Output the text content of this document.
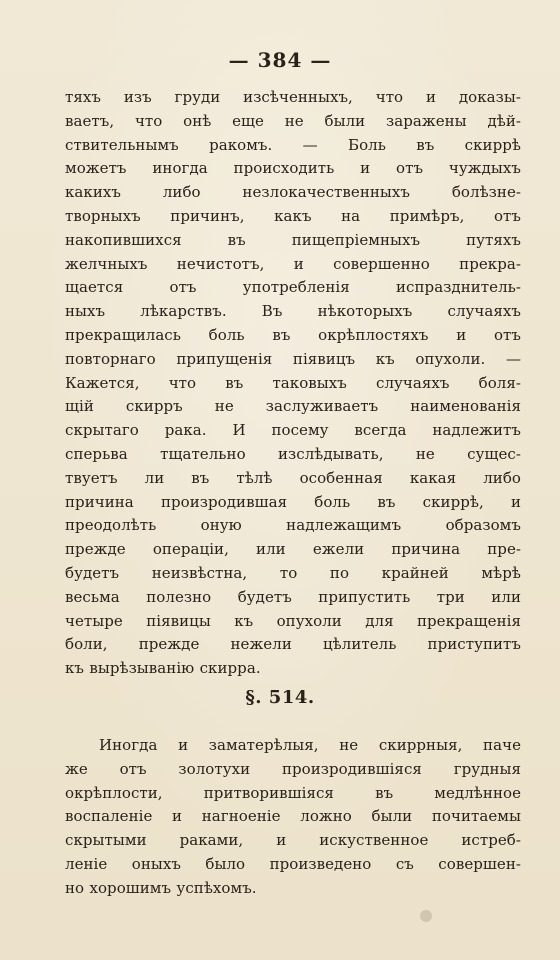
— 384 —
тяхъ изъ груди изсѣченныхъ, что и доказы-
ваетъ, что онѣ еще не были заражены дѣй-
ствительнымъ ракомъ. — Боль въ скиррѣ
можетъ иногда происходить и отъ чуждыхъ
какихъ либо незлокачественныхъ болѣзне-
творныхъ причинъ, какъ на примѣръ, отъ
накопившихся въ пищепріемныхъ путяхъ
желчныхъ нечистотъ, и совершенно прекра-
щается отъ употребленія испразднитель-
ныхъ лѣкарствъ. Въ нѣкоторыхъ случаяхъ
прекращилась боль въ окрѣплостяхъ и отъ
повторнагo припущенія піявицъ къ опухоли. —
Кажется, что въ таковыхъ случаяхъ боля-
щій скирръ не заслуживаетъ наименованія
скрытаго рака. И посему всегда надлежитъ
сперьва тщательно изслѣдывать, не сущес-
твуетъ ли въ тѣлѣ особенная какая либо
причина произродившая боль въ скиррѣ, и
преодолѣть оную надлежащимъ образомъ
прежде операціи, или ежели причина пре-
будетъ неизвѣстна, то по крайней мѣрѣ
весьма полезно будетъ припустить три или
четыре піявицы къ опухоли для прекращенія
боли, прежде нежели цѣлитель приступитъ
къ вырѣзыванію скирра.
§. 514.
Иногда и заматерѣлыя, не скиррныя, паче
же отъ золотухи произродившіяся грудныя
окрѣплости, притворившіяся въ медлѣнное
воспаленіе и нагноеніе ложно были почитаемы
скрытыми раками, и искуственное истреб-
леніе оныхъ было произведено съ совершен-
но хорошимъ успѣхомъ.
